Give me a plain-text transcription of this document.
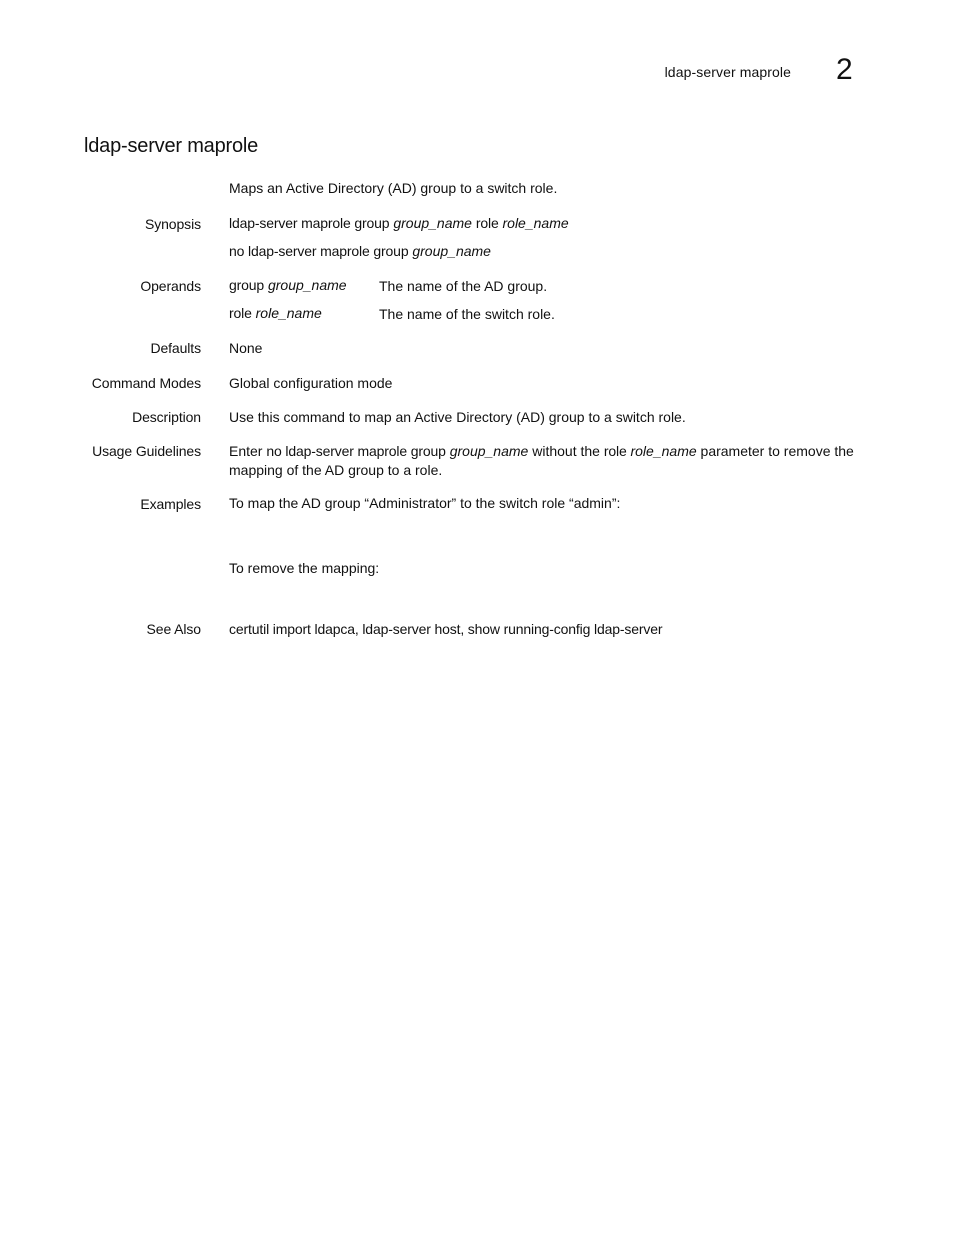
ldap-server maprole 2
ldap-server maprole
Maps an Active Directory (AD) group to a switch role.
Synopsis ldap-server maprole group group_name role role_name
no ldap-server maprole group group_name
Operands group group_name	The name of the AD group.
role role_name	The name of the switch role.
Defaults None
Command Modes Global configuration mode
Description Use this command to map an Active Directory (AD) group to a switch role.
Usage Guidelines Enter no ldap-server maprole group group_name without the role role_name parameter to remove the mapping of the AD group to a role.
Examples To map the AD group “Administrator” to the switch role “admin”:
To remove the mapping:
See Also certutil import ldapca, ldap-server host, show running-config ldap-server
